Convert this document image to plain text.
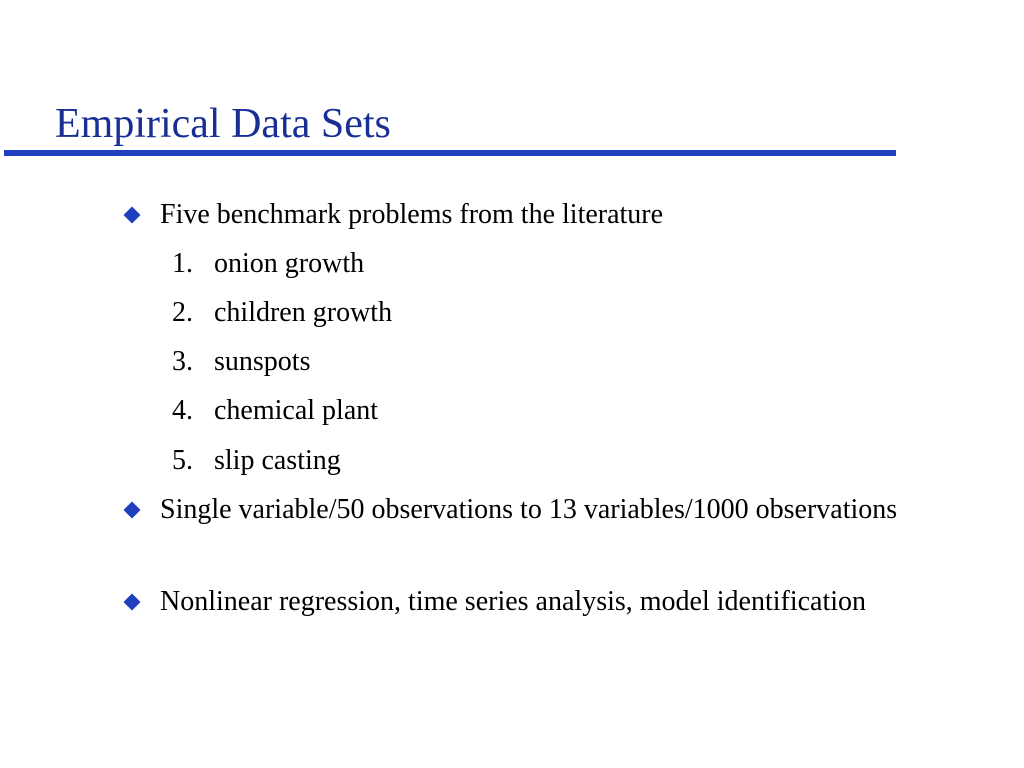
Empirical Data Sets
Five benchmark problems from the literature
1. onion growth
2. children growth
3. sunspots
4. chemical plant
5. slip casting
Single variable/50 observations to 13 variables/1000 observations
Nonlinear regression, time series analysis, model identification
